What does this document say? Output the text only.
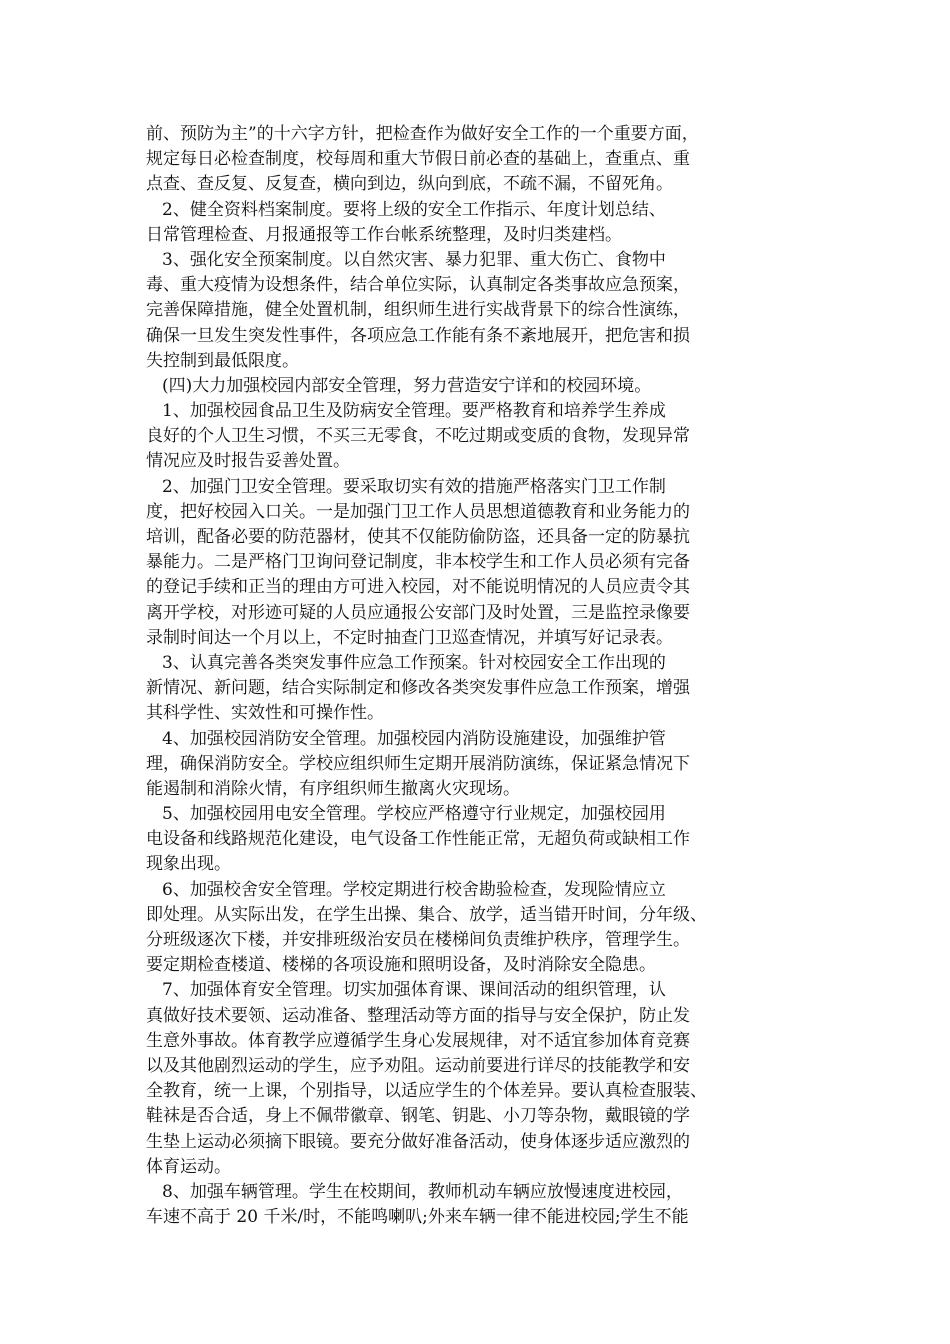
前、预防为主”的十六字方针，把检查作为做好安全工作的一个重要方面，
规定每日必检查制度，校每周和重大节假日前必查的基础上，查重点、重
点查、查反复、反复查，横向到边，纵向到底，不疏不漏，不留死角。
2、健全资料档案制度。要将上级的安全工作指示、年度计划总结、
日常管理检查、月报通报等工作台帐系统整理，及时归类建档。
3、强化安全预案制度。以自然灾害、暴力犯罪、重大伤亡、食物中
毒、重大疫情为设想条件，结合单位实际，认真制定各类事故应急预案，
完善保障措施，健全处置机制，组织师生进行实战背景下的综合性演练，
确保一旦发生突发性事件，各项应急工作能有条不紊地展开，把危害和损
失控制到最低限度。
(四)大力加强校园内部安全管理，努力营造安宁详和的校园环境。
1、加强校园食品卫生及防病安全管理。要严格教育和培养学生养成
良好的个人卫生习惯，不买三无零食，不吃过期或变质的食物，发现异常
情况应及时报告妥善处置。
2、加强门卫安全管理。要采取切实有效的措施严格落实门卫工作制
度，把好校园入口关。一是加强门卫工作人员思想道德教育和业务能力的
培训，配备必要的防范器材，使其不仅能防偷防盗，还具备一定的防暴抗
暴能力。二是严格门卫询问登记制度，非本校学生和工作人员必须有完备
的登记手续和正当的理由方可进入校园，对不能说明情况的人员应责令其
离开学校，对形迹可疑的人员应通报公安部门及时处置，三是监控录像要
录制时间达一个月以上，不定时抽查门卫巡查情况，并填写好记录表。
3、认真完善各类突发事件应急工作预案。针对校园安全工作出现的
新情况、新问题，结合实际制定和修改各类突发事件应急工作预案，增强
其科学性、实效性和可操作性。
4、加强校园消防安全管理。加强校园内消防设施建设，加强维护管
理，确保消防安全。学校应组织师生定期开展消防演练，保证紧急情况下
能遏制和消除火情，有序组织师生撤离火灾现场。
5、加强校园用电安全管理。学校应严格遵守行业规定，加强校园用
电设备和线路规范化建设，电气设备工作性能正常，无超负荷或缺相工作
现象出现。
6、加强校舍安全管理。学校定期进行校舍勘验检查，发现险情应立
即处理。从实际出发，在学生出操、集合、放学，适当错开时间，分年级、
分班级逐次下楼，并安排班级治安员在楼梯间负责维护秩序，管理学生。
要定期检查楼道、楼梯的各项设施和照明设备，及时消除安全隐患。
7、加强体育安全管理。切实加强体育课、课间活动的组织管理，认
真做好技术要领、运动准备、整理活动等方面的指导与安全保护，防止发
生意外事故。体育教学应遵循学生身心发展规律，对不适宜参加体育竞赛
以及其他剧烈运动的学生，应予劝阻。运动前要进行详尽的技能教学和安
全教育，统一上课，个别指导，以适应学生的个体差异。要认真检查服装、
鞋袜是否合适，身上不佩带徽章、钢笔、钥匙、小刀等杂物，戴眼镜的学
生垫上运动必须摘下眼镜。要充分做好准备活动，使身体逐步适应激烈的
体育运动。
8、加强车辆管理。学生在校期间，教师机动车辆应放慢速度进校园，
车速不高于 20 千米/时，不能鸣喇叭;外来车辆一律不能进校园;学生不能
